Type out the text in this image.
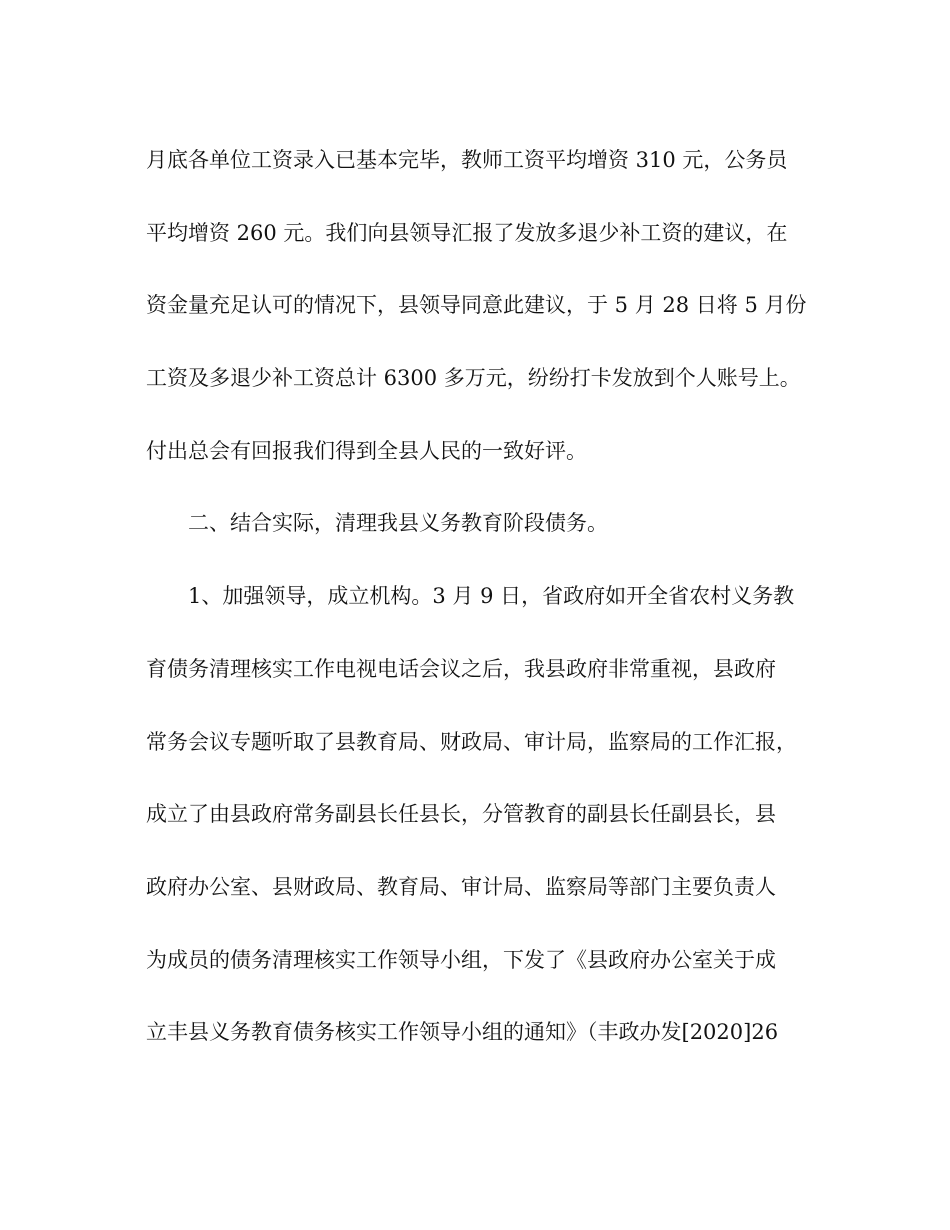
月底各单位工资录入已基本完毕，教师工资平均增资 310 元，公务员
平均增资 260 元。我们向县领导汇报了发放多退少补工资的建议，在
资金量充足认可的情况下，县领导同意此建议，于 5 月 28 日将 5 月份
工资及多退少补工资总计 6300 多万元，纷纷打卡发放到个人账号上。
付出总会有回报我们得到全县人民的一致好评。
二、结合实际，清理我县义务教育阶段债务。
1、加强领导，成立机构。3 月 9 日，省政府如开全省农村义务教
育债务清理核实工作电视电话会议之后，我县政府非常重视，县政府
常务会议专题听取了县教育局、财政局、审计局，监察局的工作汇报，
成立了由县政府常务副县长任县长，分管教育的副县长任副县长，县
政府办公室、县财政局、教育局、审计局、监察局等部门主要负责人
为成员的债务清理核实工作领导小组，下发了《县政府办公室关于成
立丰县义务教育债务核实工作领导小组的通知》（丰政办发[2020]26
